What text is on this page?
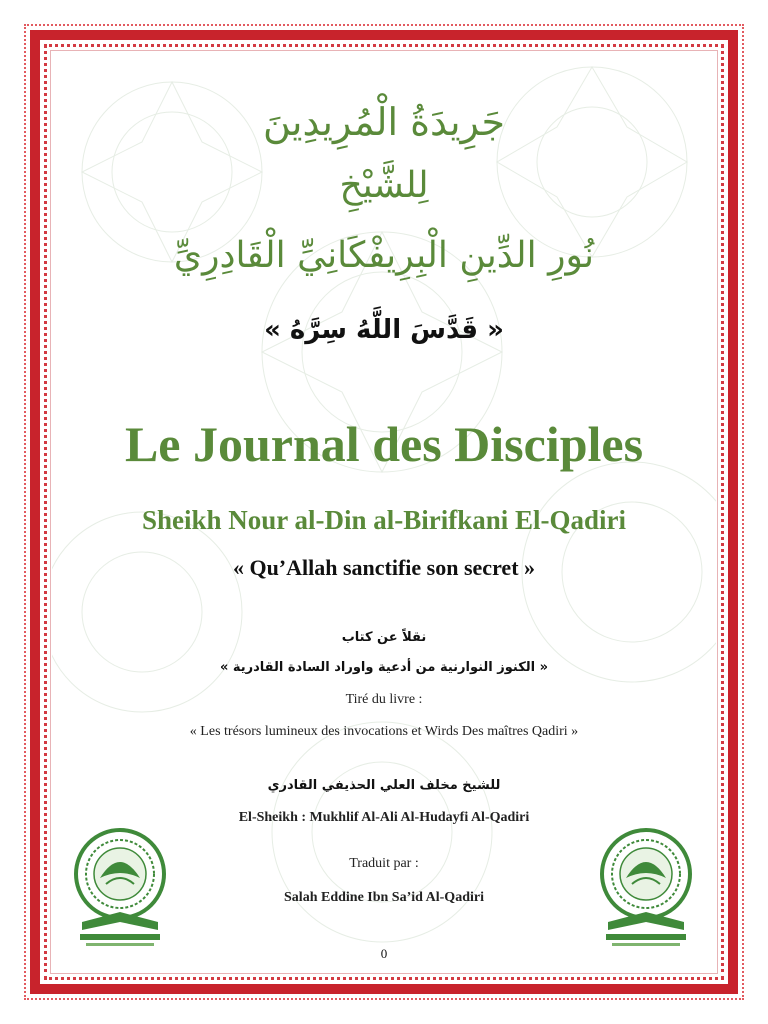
جَرِيدَةُ الْمُرِيدِينَ
لِلشَّيْخِ
نُورِ الدِّينِ الْبِرِيفْكَانِيِّ الْقَادِرِيِّ
« قَدَّسَ اللَّهُ سِرَّهُ »
Le Journal des Disciples
Sheikh Nour al-Din al-Birifkani El-Qadiri
« Qu’Allah sanctifie son secret »
نقلاً عن كتاب
« الكنوز النوارنية من أدعية واوراد السادة القادرية »
Tiré du livre :
« Les trésors lumineux des invocations et Wirds Des maîtres Qadiri »
للشيخ مخلف العلي الحذيفي القادري
El-Sheikh : Mukhlif Al-Ali Al-Hudayfi Al-Qadiri
Traduit par :
Salah Eddine Ibn Sa’id Al-Qadiri
0
